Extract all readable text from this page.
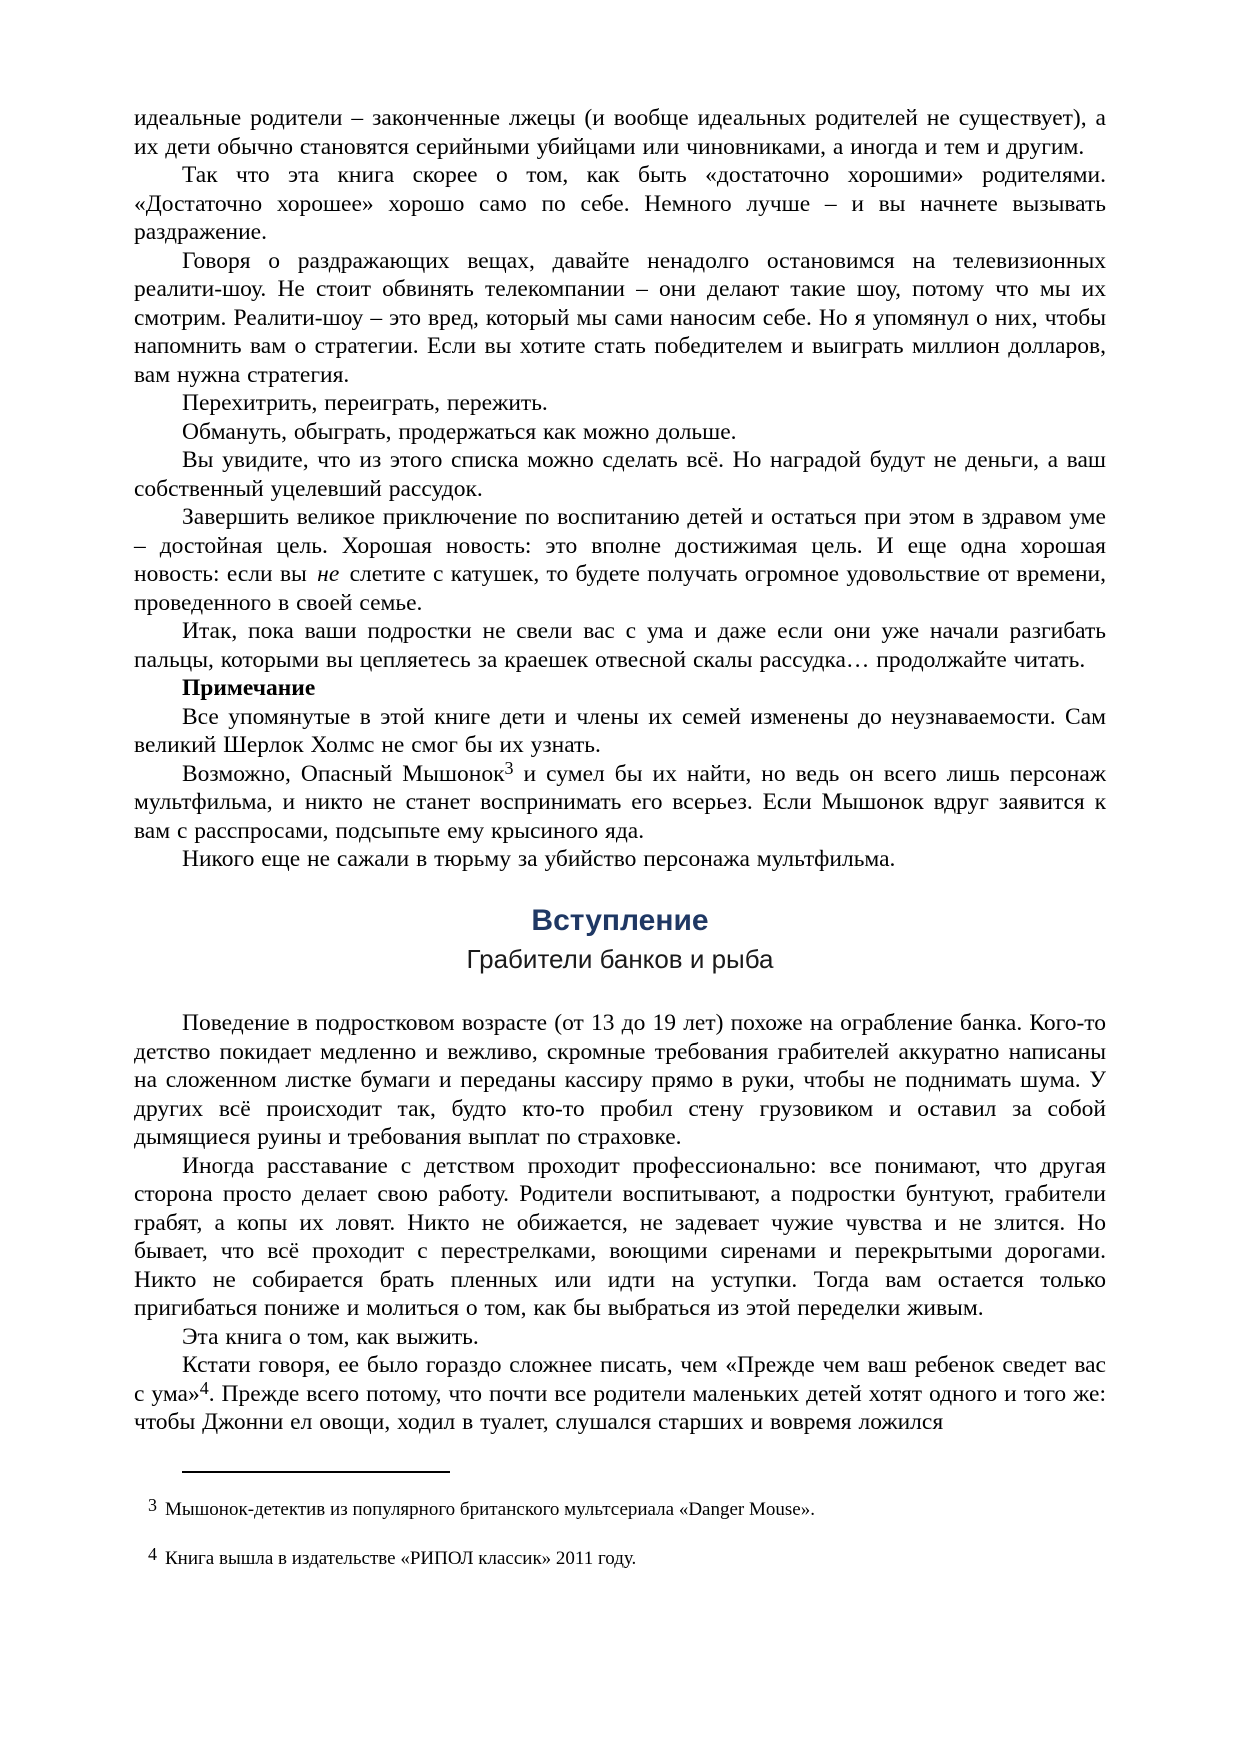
идеальные родители – законченные лжецы (и вообще идеальных родителей не существует), а их дети обычно становятся серийными убийцами или чиновниками, а иногда и тем и другим.
Так что эта книга скорее о том, как быть «достаточно хорошими» родителями. «Достаточно хорошее» хорошо само по себе. Немного лучше – и вы начнете вызывать раздражение.
Говоря о раздражающих вещах, давайте ненадолго остановимся на телевизионных реалити-шоу. Не стоит обвинять телекомпании – они делают такие шоу, потому что мы их смотрим. Реалити-шоу – это вред, который мы сами наносим себе. Но я упомянул о них, чтобы напомнить вам о стратегии. Если вы хотите стать победителем и выиграть миллион долларов, вам нужна стратегия.
Перехитрить, переиграть, пережить.
Обмануть, обыграть, продержаться как можно дольше.
Вы увидите, что из этого списка можно сделать всё. Но наградой будут не деньги, а ваш собственный уцелевший рассудок.
Завершить великое приключение по воспитанию детей и остаться при этом в здравом уме – достойная цель. Хорошая новость: это вполне достижимая цель. И еще одна хорошая новость: если вы не слетите с катушек, то будете получать огромное удовольствие от времени, проведенного в своей семье.
Итак, пока ваши подростки не свели вас с ума и даже если они уже начали разгибать пальцы, которыми вы цепляетесь за краешек отвесной скалы рассудка… продолжайте читать.
Примечание
Все упомянутые в этой книге дети и члены их семей изменены до неузнаваемости. Сам великий Шерлок Холмс не смог бы их узнать.
Возможно, Опасный Мышонок$^3$ и сумел бы их найти, но ведь он всего лишь персонаж мультфильма, и никто не станет воспринимать его всерьез. Если Мышонок вдруг заявится к вам с расспросами, подсыпьте ему крысиного яда.
Никого еще не сажали в тюрьму за убийство персонажа мультфильма.
Вступление
Грабители банков и рыба
Поведение в подростковом возрасте (от 13 до 19 лет) похоже на ограбление банка. Кого-то детство покидает медленно и вежливо, скромные требования грабителей аккуратно написаны на сложенном листке бумаги и переданы кассиру прямо в руки, чтобы не поднимать шума. У других всё происходит так, будто кто-то пробил стену грузовиком и оставил за собой дымящиеся руины и требования выплат по страховке.
Иногда расставание с детством проходит профессионально: все понимают, что другая сторона просто делает свою работу. Родители воспитывают, а подростки бунтуют, грабители грабят, а копы их ловят. Никто не обижается, не задевает чужие чувства и не злится. Но бывает, что всё проходит с перестрелками, воющими сиренами и перекрытыми дорогами. Никто не собирается брать пленных или идти на уступки. Тогда вам остается только пригибаться пониже и молиться о том, как бы выбраться из этой переделки живым.
Эта книга о том, как выжить.
Кстати говоря, ее было гораздо сложнее писать, чем «Прежде чем ваш ребенок сведет вас с ума»$^4$. Прежде всего потому, что почти все родители маленьких детей хотят одного и того же: чтобы Джонни ел овощи, ходил в туалет, слушался старших и вовремя ложился
3 Мышонок-детектив из популярного британского мультсериала «Danger Mouse».
4 Книга вышла в издательстве «РИПОЛ классик» 2011 году.
